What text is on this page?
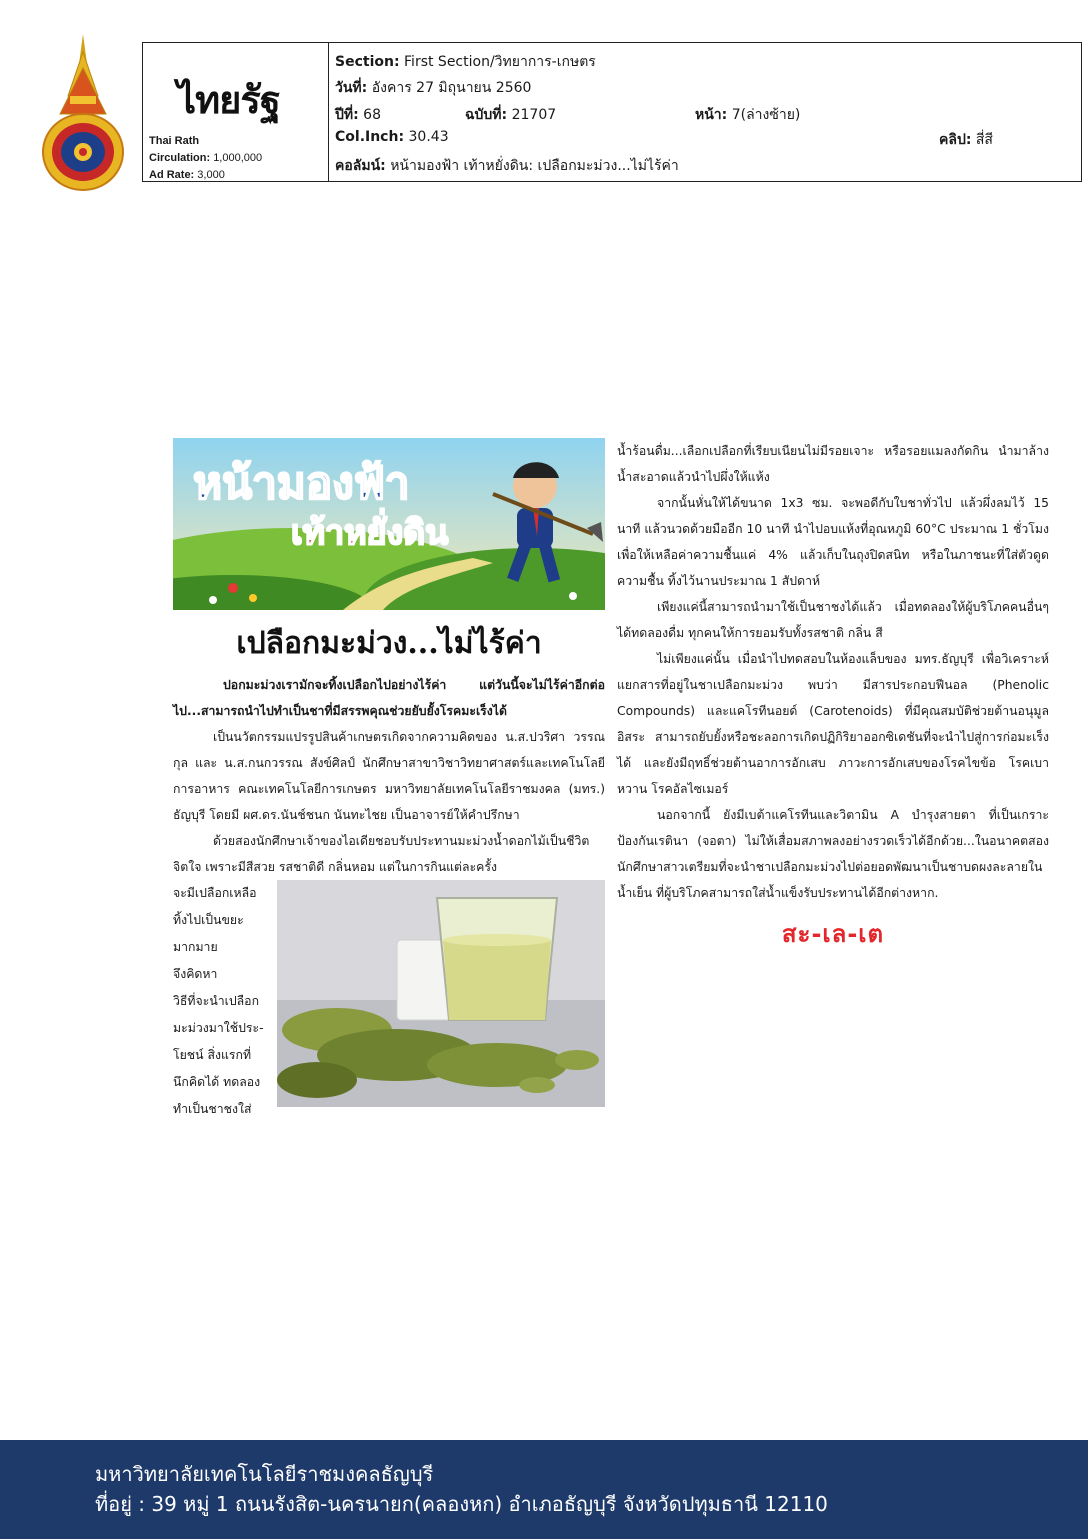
ไทยรัฐ
Thai Rath
Circulation: 1,000,000
Ad Rate: 3,000
Section: First Section/วิทยาการ-เกษตร
วันที่: อังคาร 27 มิถุนายน 2560
ปีที่: 68	ฉบับที่: 21707	หน้า: 7(ล่างซ้าย)
Col.Inch: 30.43	คลิป: สี่สี
คอลัมน์: หน้ามองฟ้า เท้าหยั่งดิน: เปลือกมะม่วง...ไม่ไร้ค่า
หน้ามองฟ้า
เท้าหยั่งดิน
เปลือกมะม่วง...ไม่ไร้ค่า

ปอกมะม่วงเรามักจะทิ้งเปลือกไปอย่างไร้ค่า แต่วันนี้จะไม่ไร้ค่าอีกต่อไป...สามารถนำไปทำเป็นชาที่มีสรรพคุณช่วยยับยั้งโรคมะเร็งได้

เป็นนวัตกรรมแปรรูปสินค้าเกษตรเกิดจากความคิดของ น.ส.ปวริศา วรรณกุล และ น.ส.กนกวรรณ สังข์ศิลป์ นักศึกษาสาขาวิชาวิทยาศาสตร์และเทคโนโลยีการอาหาร คณะเทคโนโลยีการเกษตร มหาวิทยาลัยเทคโนโลยีราชมงคล (มทร.) ธัญบุรี โดยมี ผศ.ดร.นันช์ชนก นันทะไชย เป็นอาจารย์ให้คำปรึกษา

ด้วยสองนักศึกษาเจ้าของไอเดียชอบรับประทานมะม่วงน้ำดอกไม้เป็นชีวิตจิตใจ เพราะมีสีสวย รสชาติดี กลิ่นหอม แต่ในการกินแต่ละครั้ง

จะมีเปลือกเหลือ
ทิ้งไปเป็นขยะ
มากมาย
จึงคิดหา
วิธีที่จะนำเปลือก
มะม่วงมาใช้ประ-
โยชน์ สิ่งแรกที่
นึกคิดได้ ทดลอง
ทำเป็นชาชงใส่

น้ำร้อนดื่ม...เลือกเปลือกที่เรียบเนียนไม่มีรอยเจาะ หรือรอยแมลงกัดกิน นำมาล้างน้ำสะอาดแล้วนำไปผึ่งให้แห้ง

จากนั้นหั่นให้ได้ขนาด 1x3 ซม. จะพอดีกับใบชาทั่วไป แล้วผึ่งลมไว้ 15 นาที แล้วนวดด้วยมืออีก 10 นาที นำไปอบแห้งที่อุณหภูมิ 60°C ประมาณ 1 ชั่วโมง เพื่อให้เหลือค่าความชื้นแค่ 4% แล้วเก็บในถุงปิดสนิท หรือในภาชนะที่ใส่ตัวดูดความชื้น ทิ้งไว้นานประมาณ 1 สัปดาห์

เพียงแค่นี้สามารถนำมาใช้เป็นชาชงได้แล้ว เมื่อทดลองให้ผู้บริโภคคนอื่นๆได้ทดลองดื่ม ทุกคนให้การยอมรับทั้งรสชาติ กลิ่น สี

ไม่เพียงแค่นั้น เมื่อนำไปทดสอบในห้องแล็บของ มทร.ธัญบุรี เพื่อวิเคราะห์แยกสารที่อยู่ในชาเปลือกมะม่วง พบว่า มีสารประกอบฟีนอล (Phenolic Compounds) และแคโรทีนอยด์ (Carotenoids) ที่มีคุณสมบัติช่วยต้านอนุมูลอิสระ สามารถยับยั้งหรือชะลอการเกิดปฏิกิริยาออกซิเดชันที่จะนำไปสู่การก่อมะเร็งได้ และยังมีฤทธิ์ช่วยต้านอาการอักเสบ ภาวะการอักเสบของโรคไขข้อ โรคเบาหวาน โรคอัลไซเมอร์

นอกจากนี้ ยังมีเบต้าแคโรทีนและวิตามิน A บำรุงสายตา ที่เป็นเกราะป้องกันเรตินา (จอตา) ไม่ให้เสื่อมสภาพลงอย่างรวดเร็วได้อีกด้วย...ในอนาคตสองนักศึกษาสาวเตรียมที่จะนำชาเปลือกมะม่วงไปต่อยอดพัฒนาเป็นชาบดผงละลายในน้ำเย็น ที่ผู้บริโภคสามารถใส่น้ำแข็งรับประทานได้อีกต่างหาก.

สะ-เล-เต
มหาวิทยาลัยเทคโนโลยีราชมงคลธัญบุรี
ที่อยู่ : 39 หมู่ 1 ถนนรังสิต-นครนายก(คลองหก) อำเภอธัญบุรี จังหวัดปทุมธานี 12110
